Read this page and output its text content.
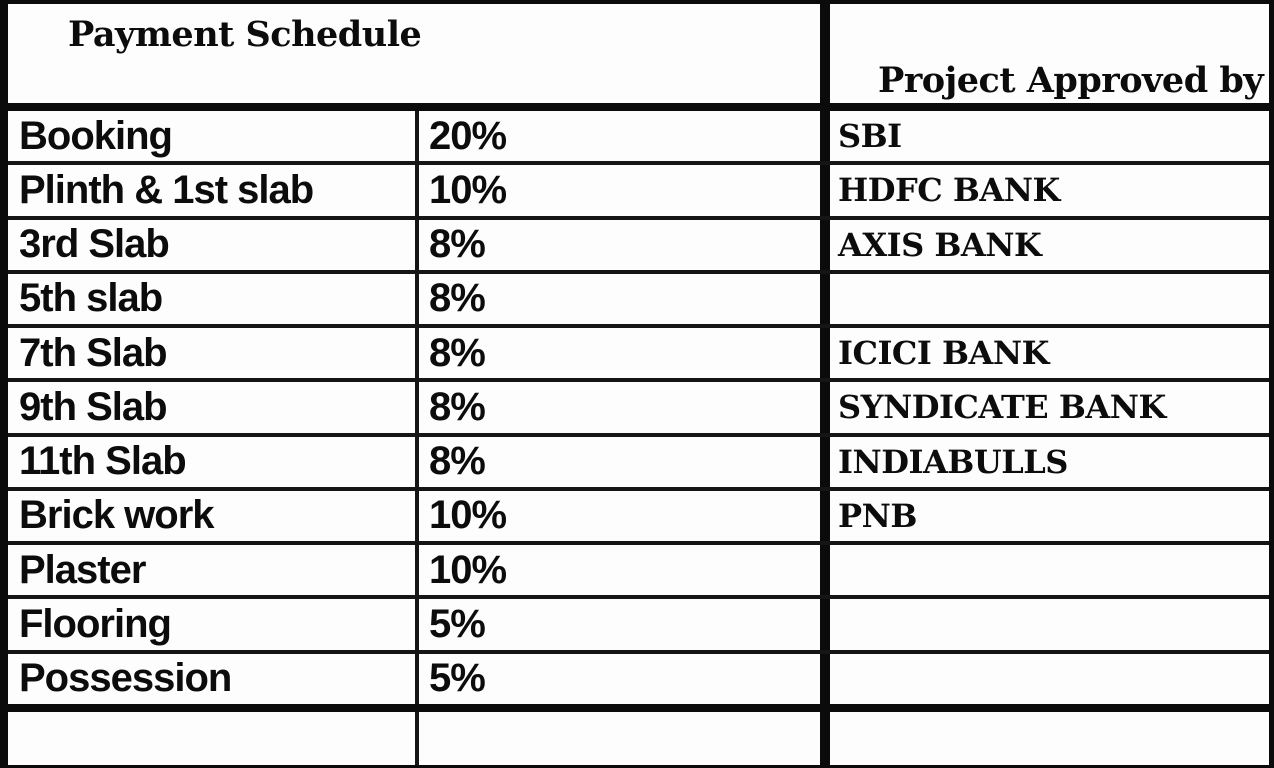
Payment Schedule
Project Approved by
Booking	20%	SBI
Plinth & 1st slab	10%	HDFC BANK
3rd Slab	8%	AXIS BANK
5th slab	8%
7th Slab	8%	ICICI BANK
9th Slab	8%	SYNDICATE BANK
11th Slab	8%	INDIABULLS
Brick work	10%	PNB
Plaster	10%
Flooring	5%
Possession	5%
